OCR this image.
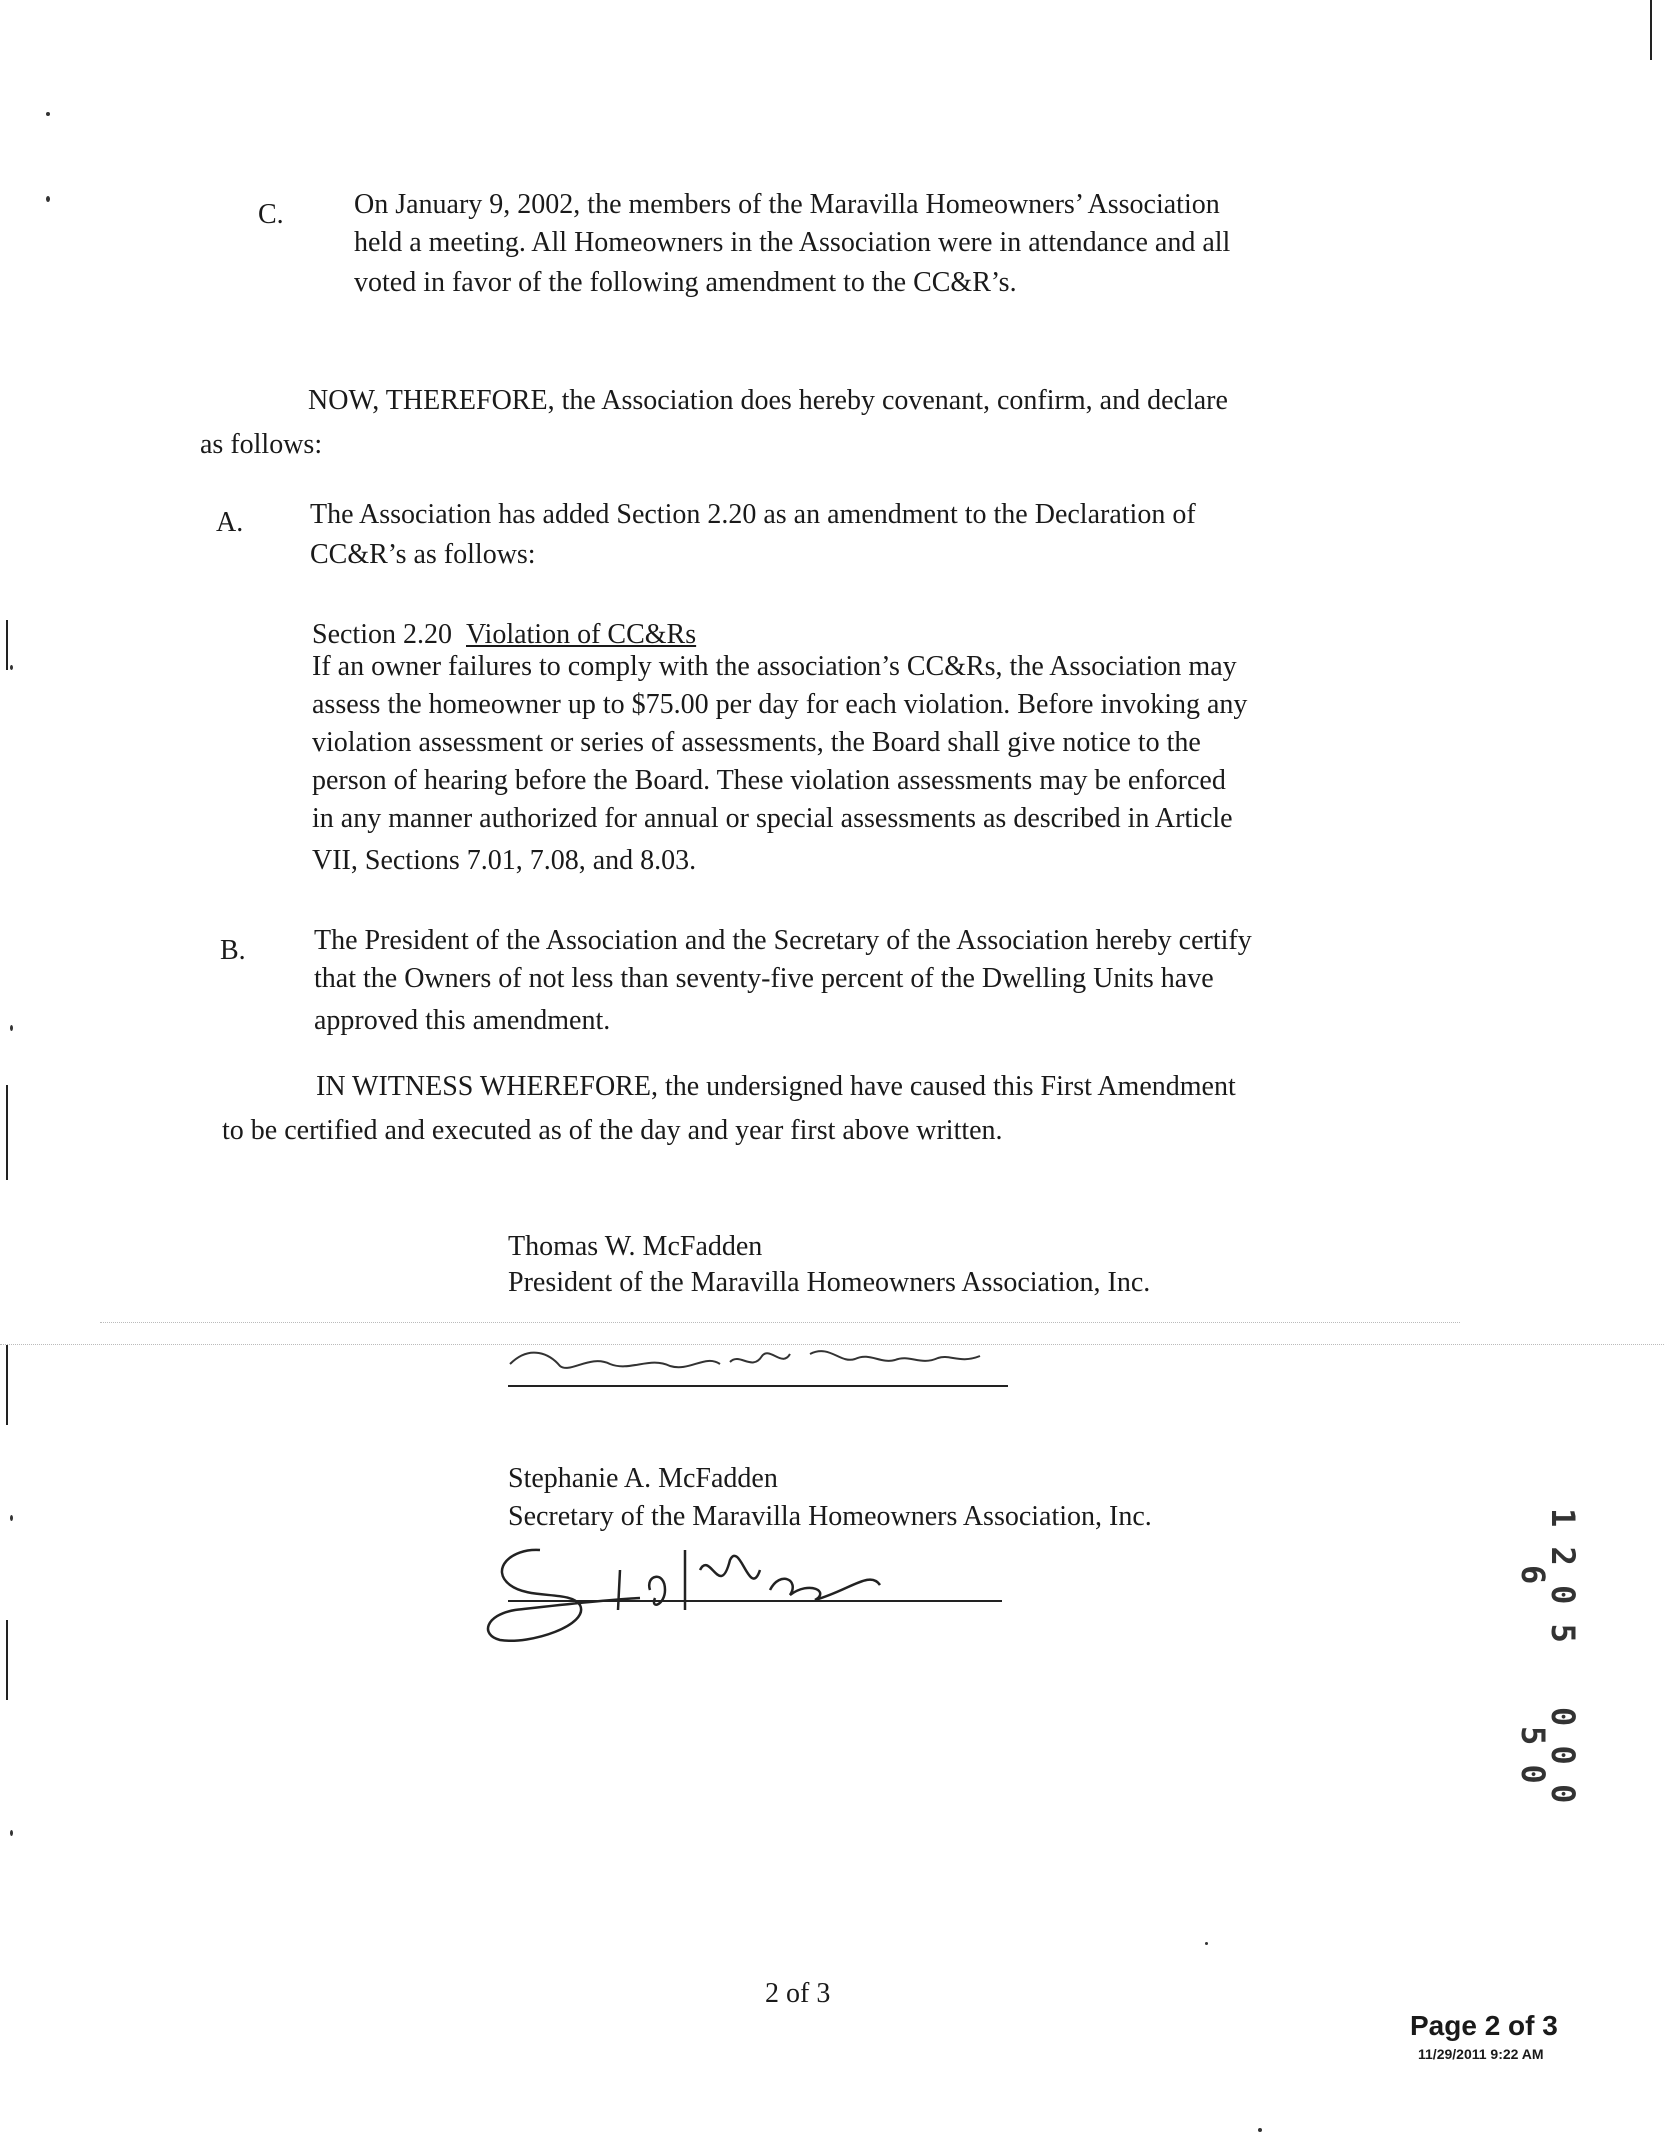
C.	On January 9, 2002, the members of the Maravilla Homeowners’ Association
held a meeting. All Homeowners in the Association were in attendance and all
voted in favor of the following amendment to the CC&R’s.
NOW, THEREFORE, the Association does hereby covenant, confirm, and declare
as follows:
A. The Association has added Section 2.20 as an amendment to the Declaration of
CC&R’s as follows:
Section 2.20 Violation of CC&Rs
If an owner failures to comply with the association’s CC&Rs, the Association may
assess the homeowner up to $75.00 per day for each violation. Before invoking any
violation assessment or series of assessments, the Board shall give notice to the
person of hearing before the Board. These violation assessments may be enforced
in any manner authorized for annual or special assessments as described in Article
VII, Sections 7.01, 7.08, and 8.03.
B. The President of the Association and the Secretary of the Association hereby certify
that the Owners of not less than seventy-five percent of the Dwelling Units have
approved this amendment.
IN WITNESS WHEREFORE, the undersigned have caused this First Amendment
to be certified and executed as of the day and year first above written.
Thomas W. McFadden
President of the Maravilla Homeowners Association, Inc.
Stephanie A. McFadden
Secretary of the Maravilla Homeowners Association, Inc.	1 2 0 5 6
0 0 0 5 0
2 of 3
Page 2 of 3
11/29/2011 9:22 AM
